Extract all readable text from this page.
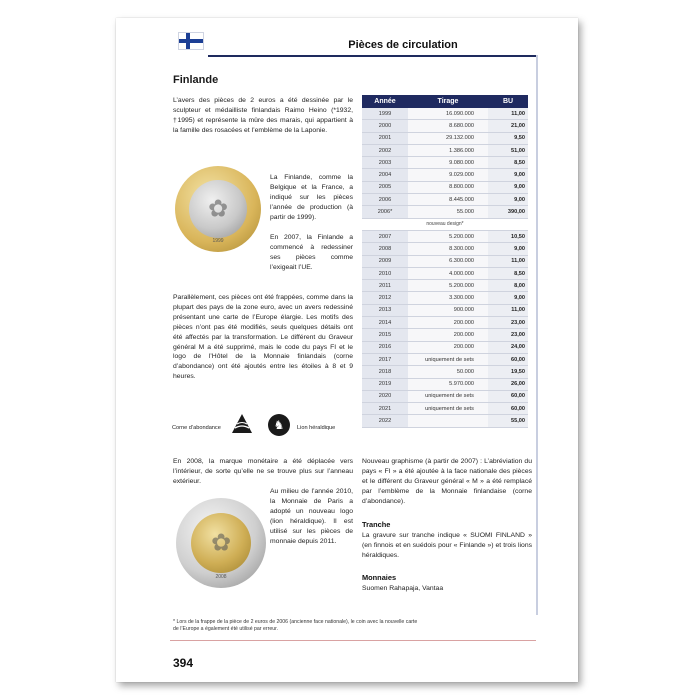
Pièces de circulation
Finlande
L’avers des pièces de 2 euros a été dessinée par le sculpteur et médailliste finlandais Raimo Heino (*1932, †1995) et représente la mûre des marais, qui appartient à la famille des rosacées et l’emblème de la Laponie.
✿
1999
La Finlande, comme la Belgique et la France, a indiqué sur les pièces l’année de production (à partir de 1999).
En 2007, la Finlande a commencé à redessiner ses pièces comme l’exigeait l’UE.
Parallèlement, ces pièces ont été frappées, comme dans la plupart des pays de la zone euro, avec un avers redessiné présentant une carte de l’Europe élargie. Les motifs des pièces n’ont pas été modifiés, seuls quelques détails ont été affectés par la transformation. Le différent du Graveur général M a été supprimé, mais le code du pays FI et le logo de l’Hôtel de la Monnaie finlandais (corne d’abondance) ont été ajoutés entre les étoiles à 8 et 9 heures.
Corne d’abondance	♞	Lion héraldique
En 2008, la marque monétaire a été déplacée vers l’intérieur, de sorte qu’elle ne se trouve plus sur l’anneau extérieur.
✿
2008
Au milieu de l’année 2010, la Monnaie de Paris a adopté un nouveau logo (lion héraldique). Il est utilisé sur les pièces de monnaie depuis 2011.
Année	Tirage	BU
1999	16.090.000	11,00
2000	8.680.000	21,00
2001	29.132.000	9,50
2002	1.386.000	51,00
2003	9.080.000	8,50
2004	9.029.000	9,00
2005	8.800.000	9,00
2006	8.445.000	9,00
2006*	55.000	390,00
nouveau design*		
2007	5.200.000	10,50
2008	8.300.000	9,00
2009	6.300.000	11,00
2010	4.000.000	8,50
2011	5.200.000	8,00
2012	3.300.000	9,00
2013	900.000	11,00
2014	200.000	23,00
2015	200.000	23,00
2016	200.000	24,00
2017	uniquement de sets	60,00
2018	50.000	19,50
2019	5.970.000	26,00
2020	uniquement de sets	60,00
2021	uniquement de sets	60,00
2022		55,00
Nouveau graphisme (à partir de 2007) : L’abréviation du pays « FI » a été ajoutée à la face nationale des pièces et le différent du Graveur général « M » a été remplacé par l’emblème de la Monnaie finlandaise (corne d’abondance).
Tranche
La gravure sur tranche indique « SUOMI FINLAND » (en finnois et en suédois pour « Finlande ») et trois lions héraldiques.
Monnaies
Suomen Rahapaja, Vantaa
* Lors de la frappe de la pièce de 2 euros de 2006 (ancienne face nationale), le coin avec la nouvelle carte de l’Europe a également été utilisé par erreur.
394
